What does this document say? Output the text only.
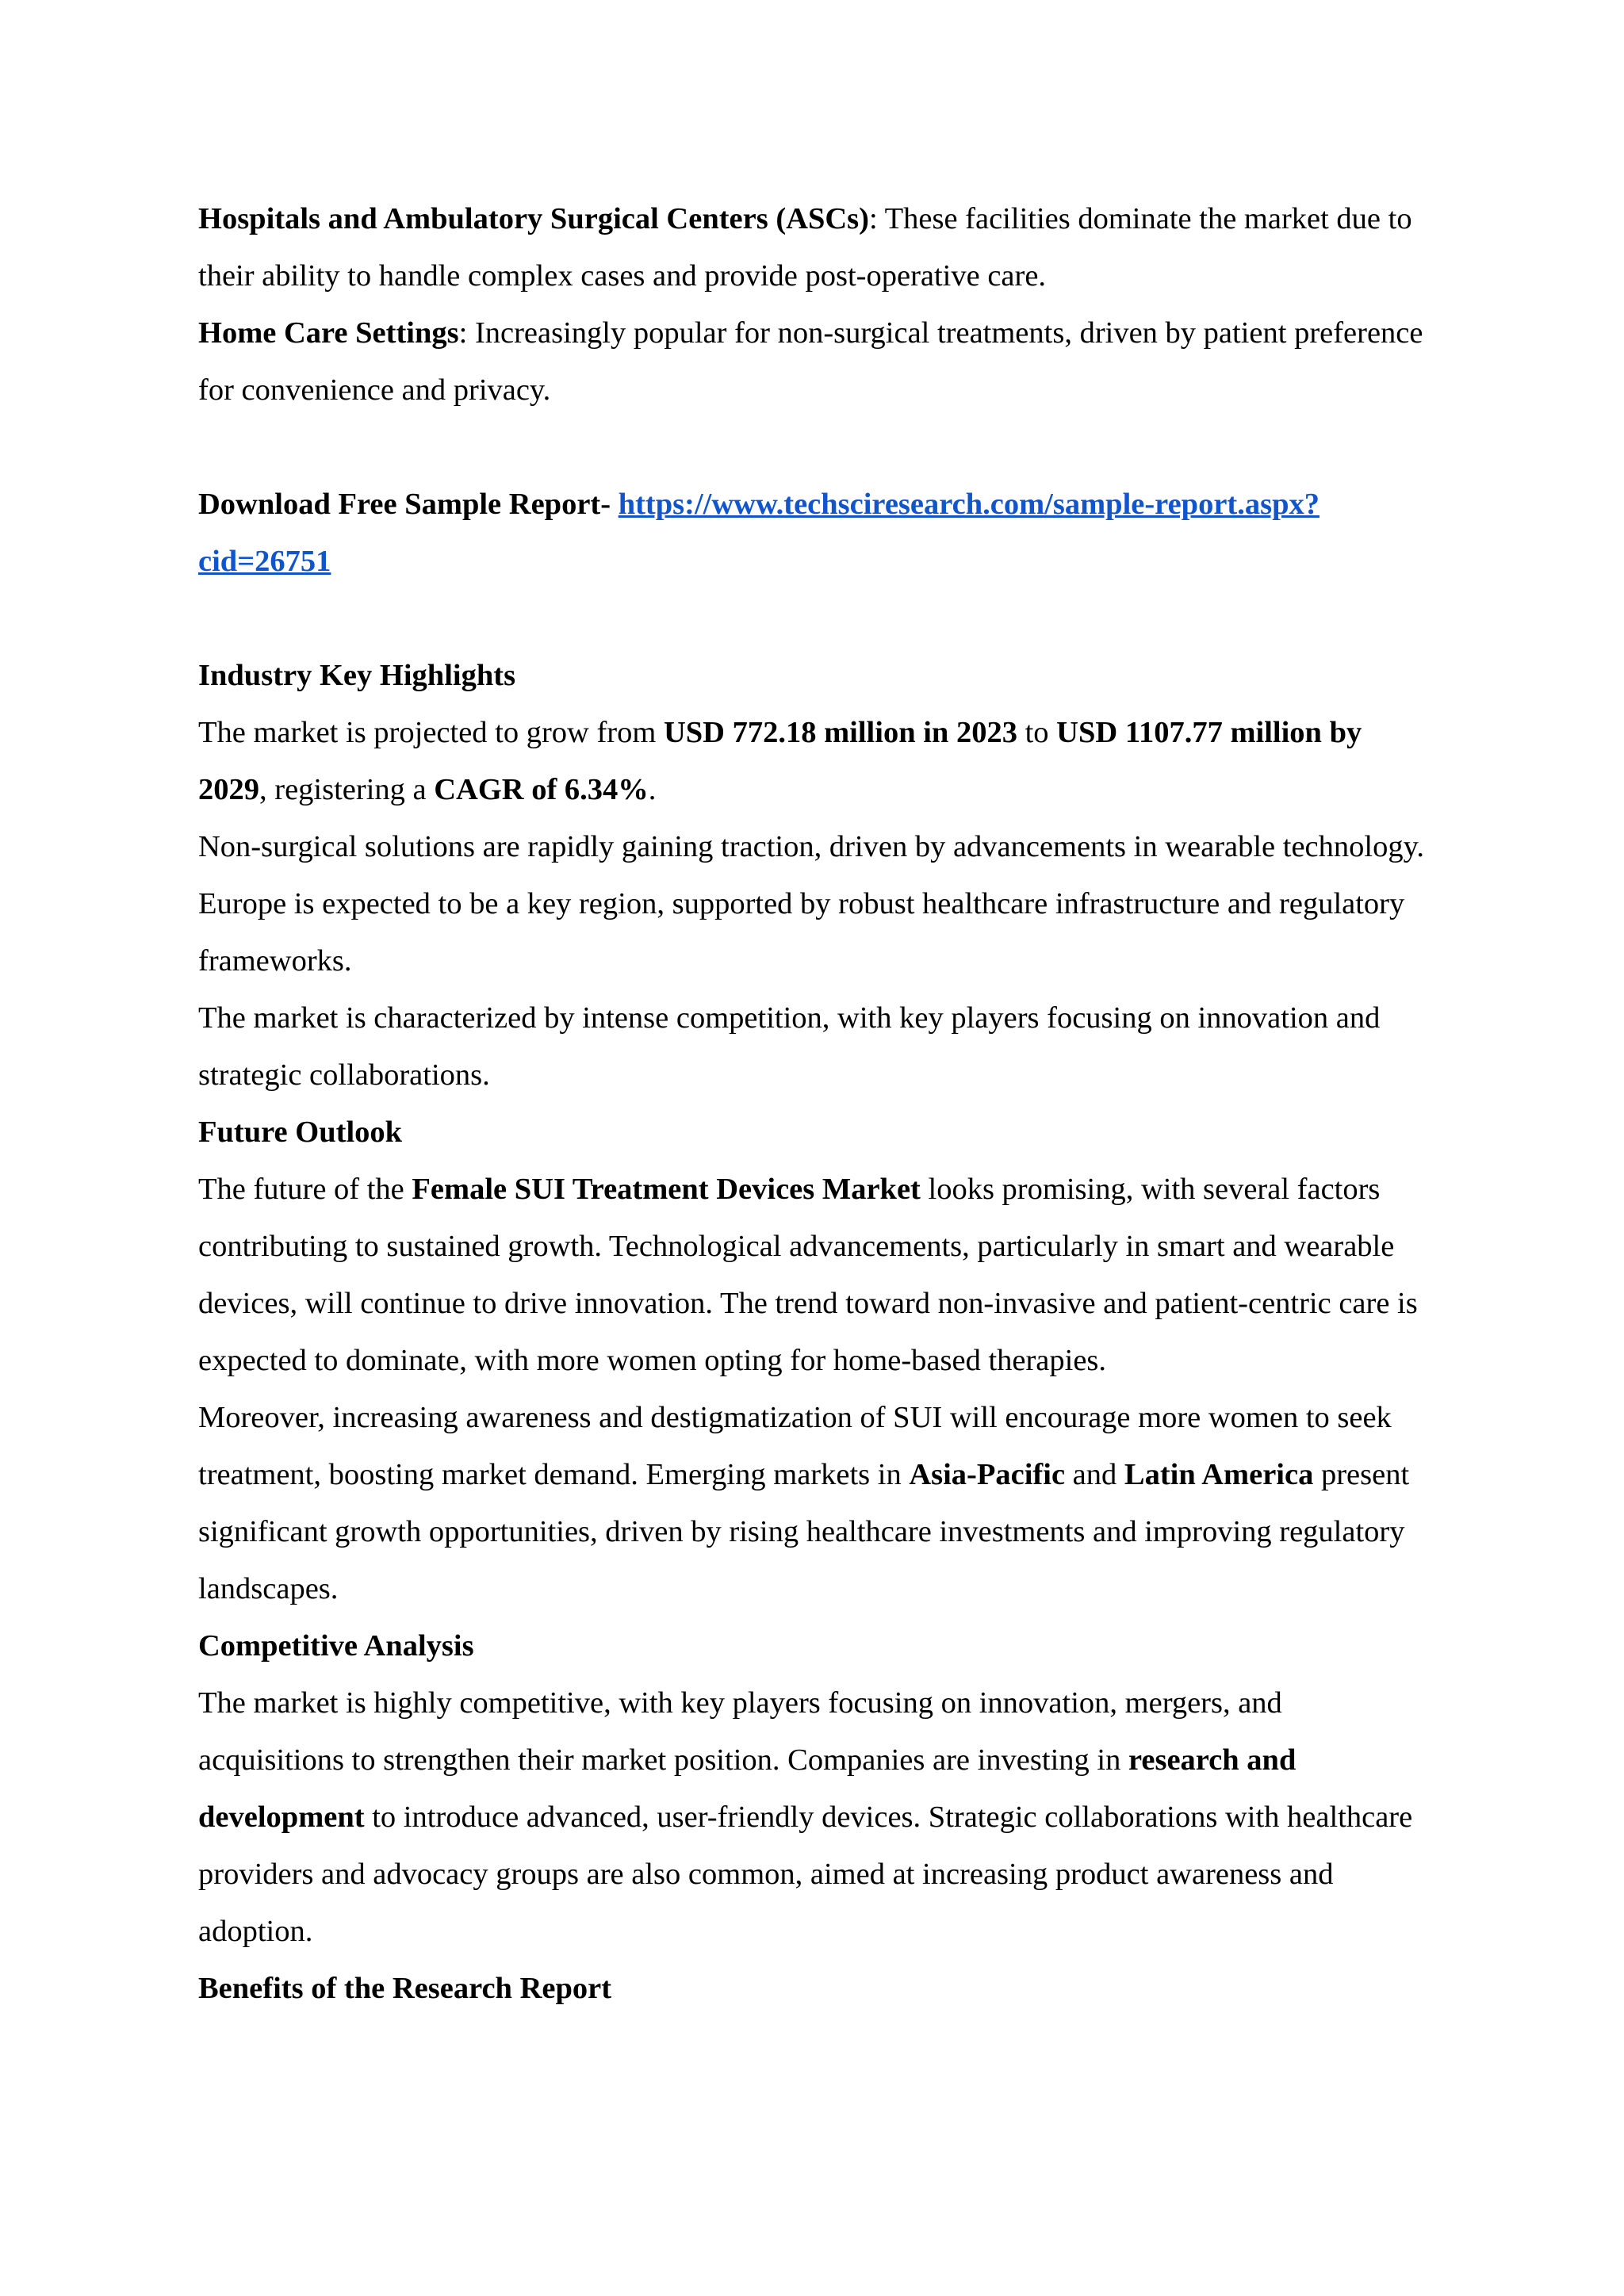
Hospitals and Ambulatory Surgical Centers (ASCs): These facilities dominate the market due to their ability to handle complex cases and provide post-operative care.

Home Care Settings: Increasingly popular for non-surgical treatments, driven by patient preference for convenience and privacy.

Download Free Sample Report- https://www.techsciresearch.com/sample-report.aspx?cid=26751

Industry Key Highlights

The market is projected to grow from USD 772.18 million in 2023 to USD 1107.77 million by 2029, registering a CAGR of 6.34%.

Non-surgical solutions are rapidly gaining traction, driven by advancements in wearable technology.

Europe is expected to be a key region, supported by robust healthcare infrastructure and regulatory frameworks.

The market is characterized by intense competition, with key players focusing on innovation and strategic collaborations.

Future Outlook

The future of the Female SUI Treatment Devices Market looks promising, with several factors contributing to sustained growth. Technological advancements, particularly in smart and wearable devices, will continue to drive innovation. The trend toward non-invasive and patient-centric care is expected to dominate, with more women opting for home-based therapies.

Moreover, increasing awareness and destigmatization of SUI will encourage more women to seek treatment, boosting market demand. Emerging markets in Asia-Pacific and Latin America present significant growth opportunities, driven by rising healthcare investments and improving regulatory landscapes.

Competitive Analysis

The market is highly competitive, with key players focusing on innovation, mergers, and acquisitions to strengthen their market position. Companies are investing in research and development to introduce advanced, user-friendly devices. Strategic collaborations with healthcare providers and advocacy groups are also common, aimed at increasing product awareness and adoption.

Benefits of the Research Report
